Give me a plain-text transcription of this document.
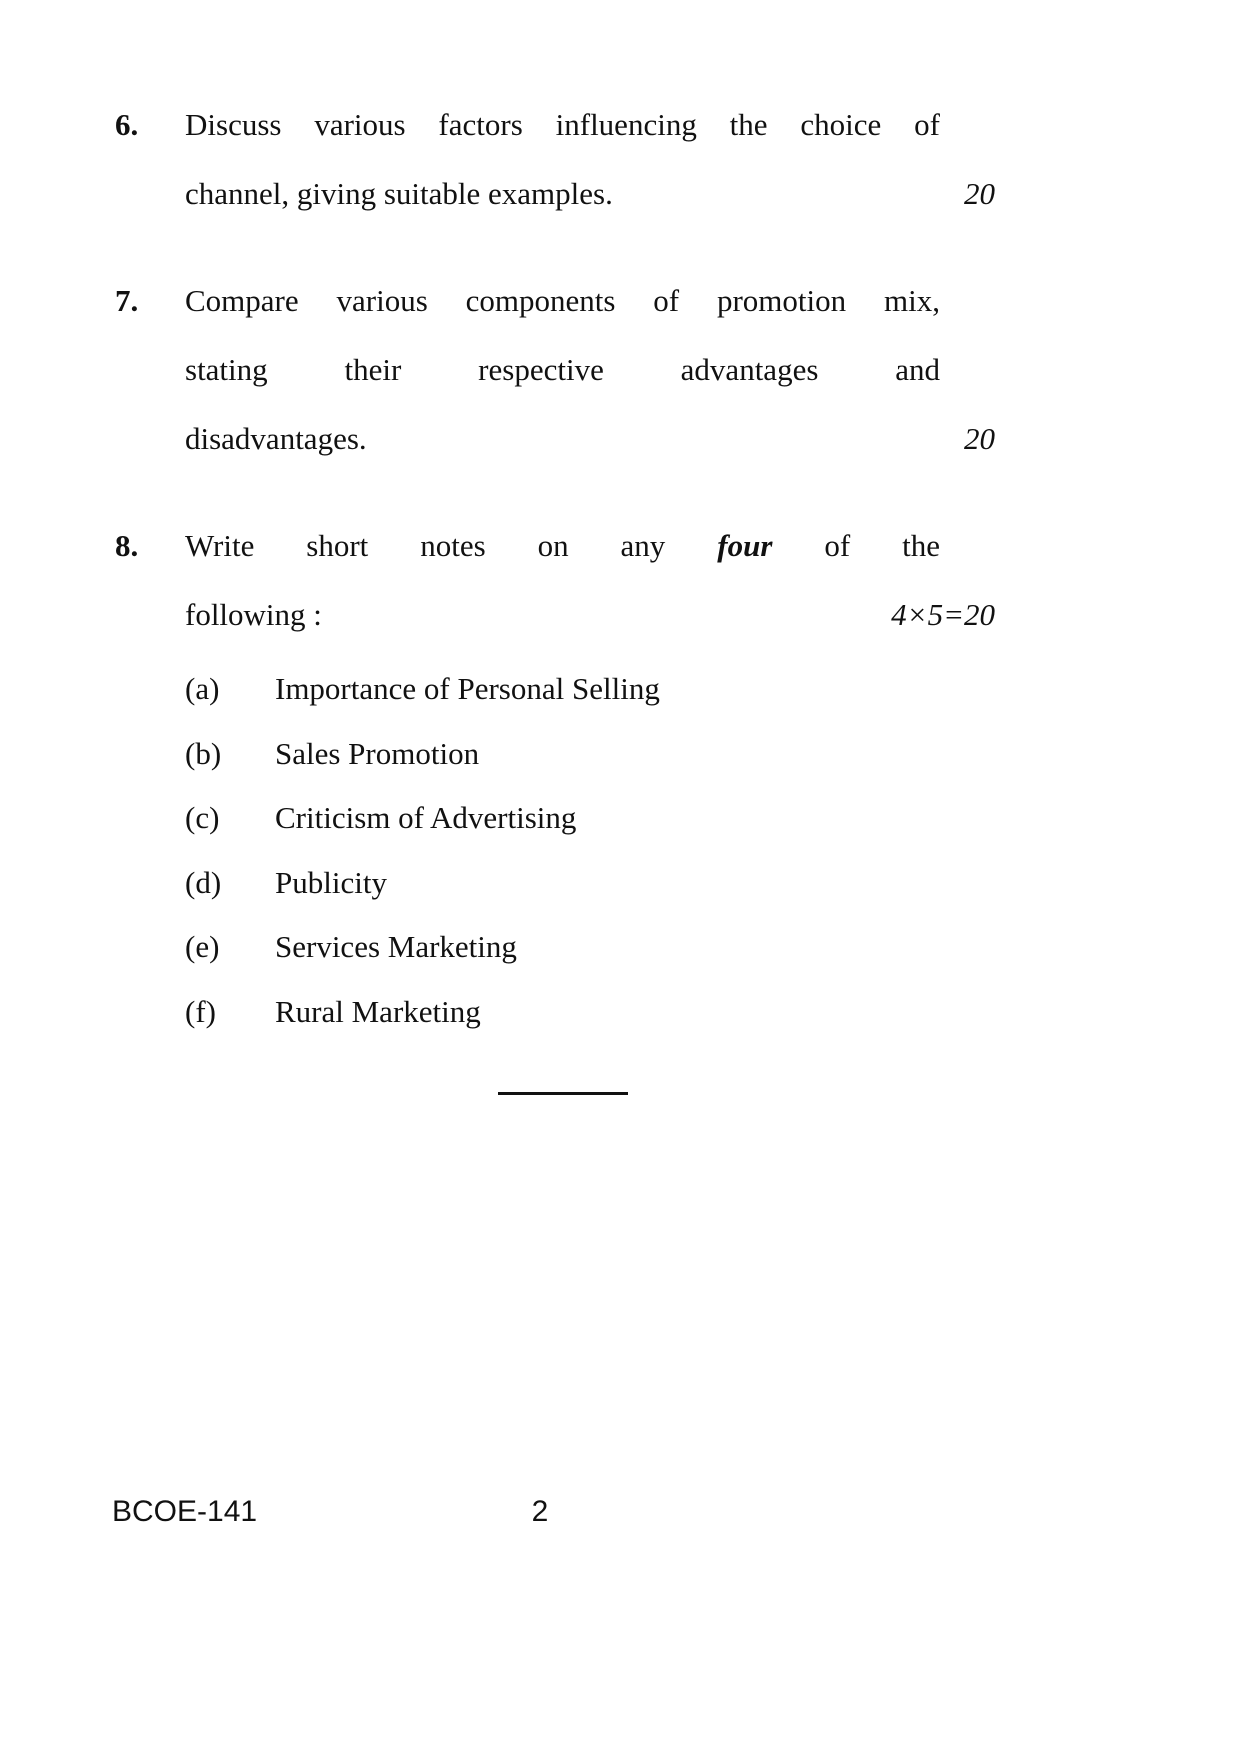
6. Discuss various factors influencing the choice of
channel, giving suitable examples.	20
7. Compare various components of promotion mix,
stating their respective advantages and
disadvantages.	20
8. Write short notes on any four of the
following :	4×5=20
(a)	Importance of Personal Selling
(b)	Sales Promotion
(c)	Criticism of Advertising
(d)	Publicity
(e)	Services Marketing
(f)	Rural Marketing
BCOE-141	2
